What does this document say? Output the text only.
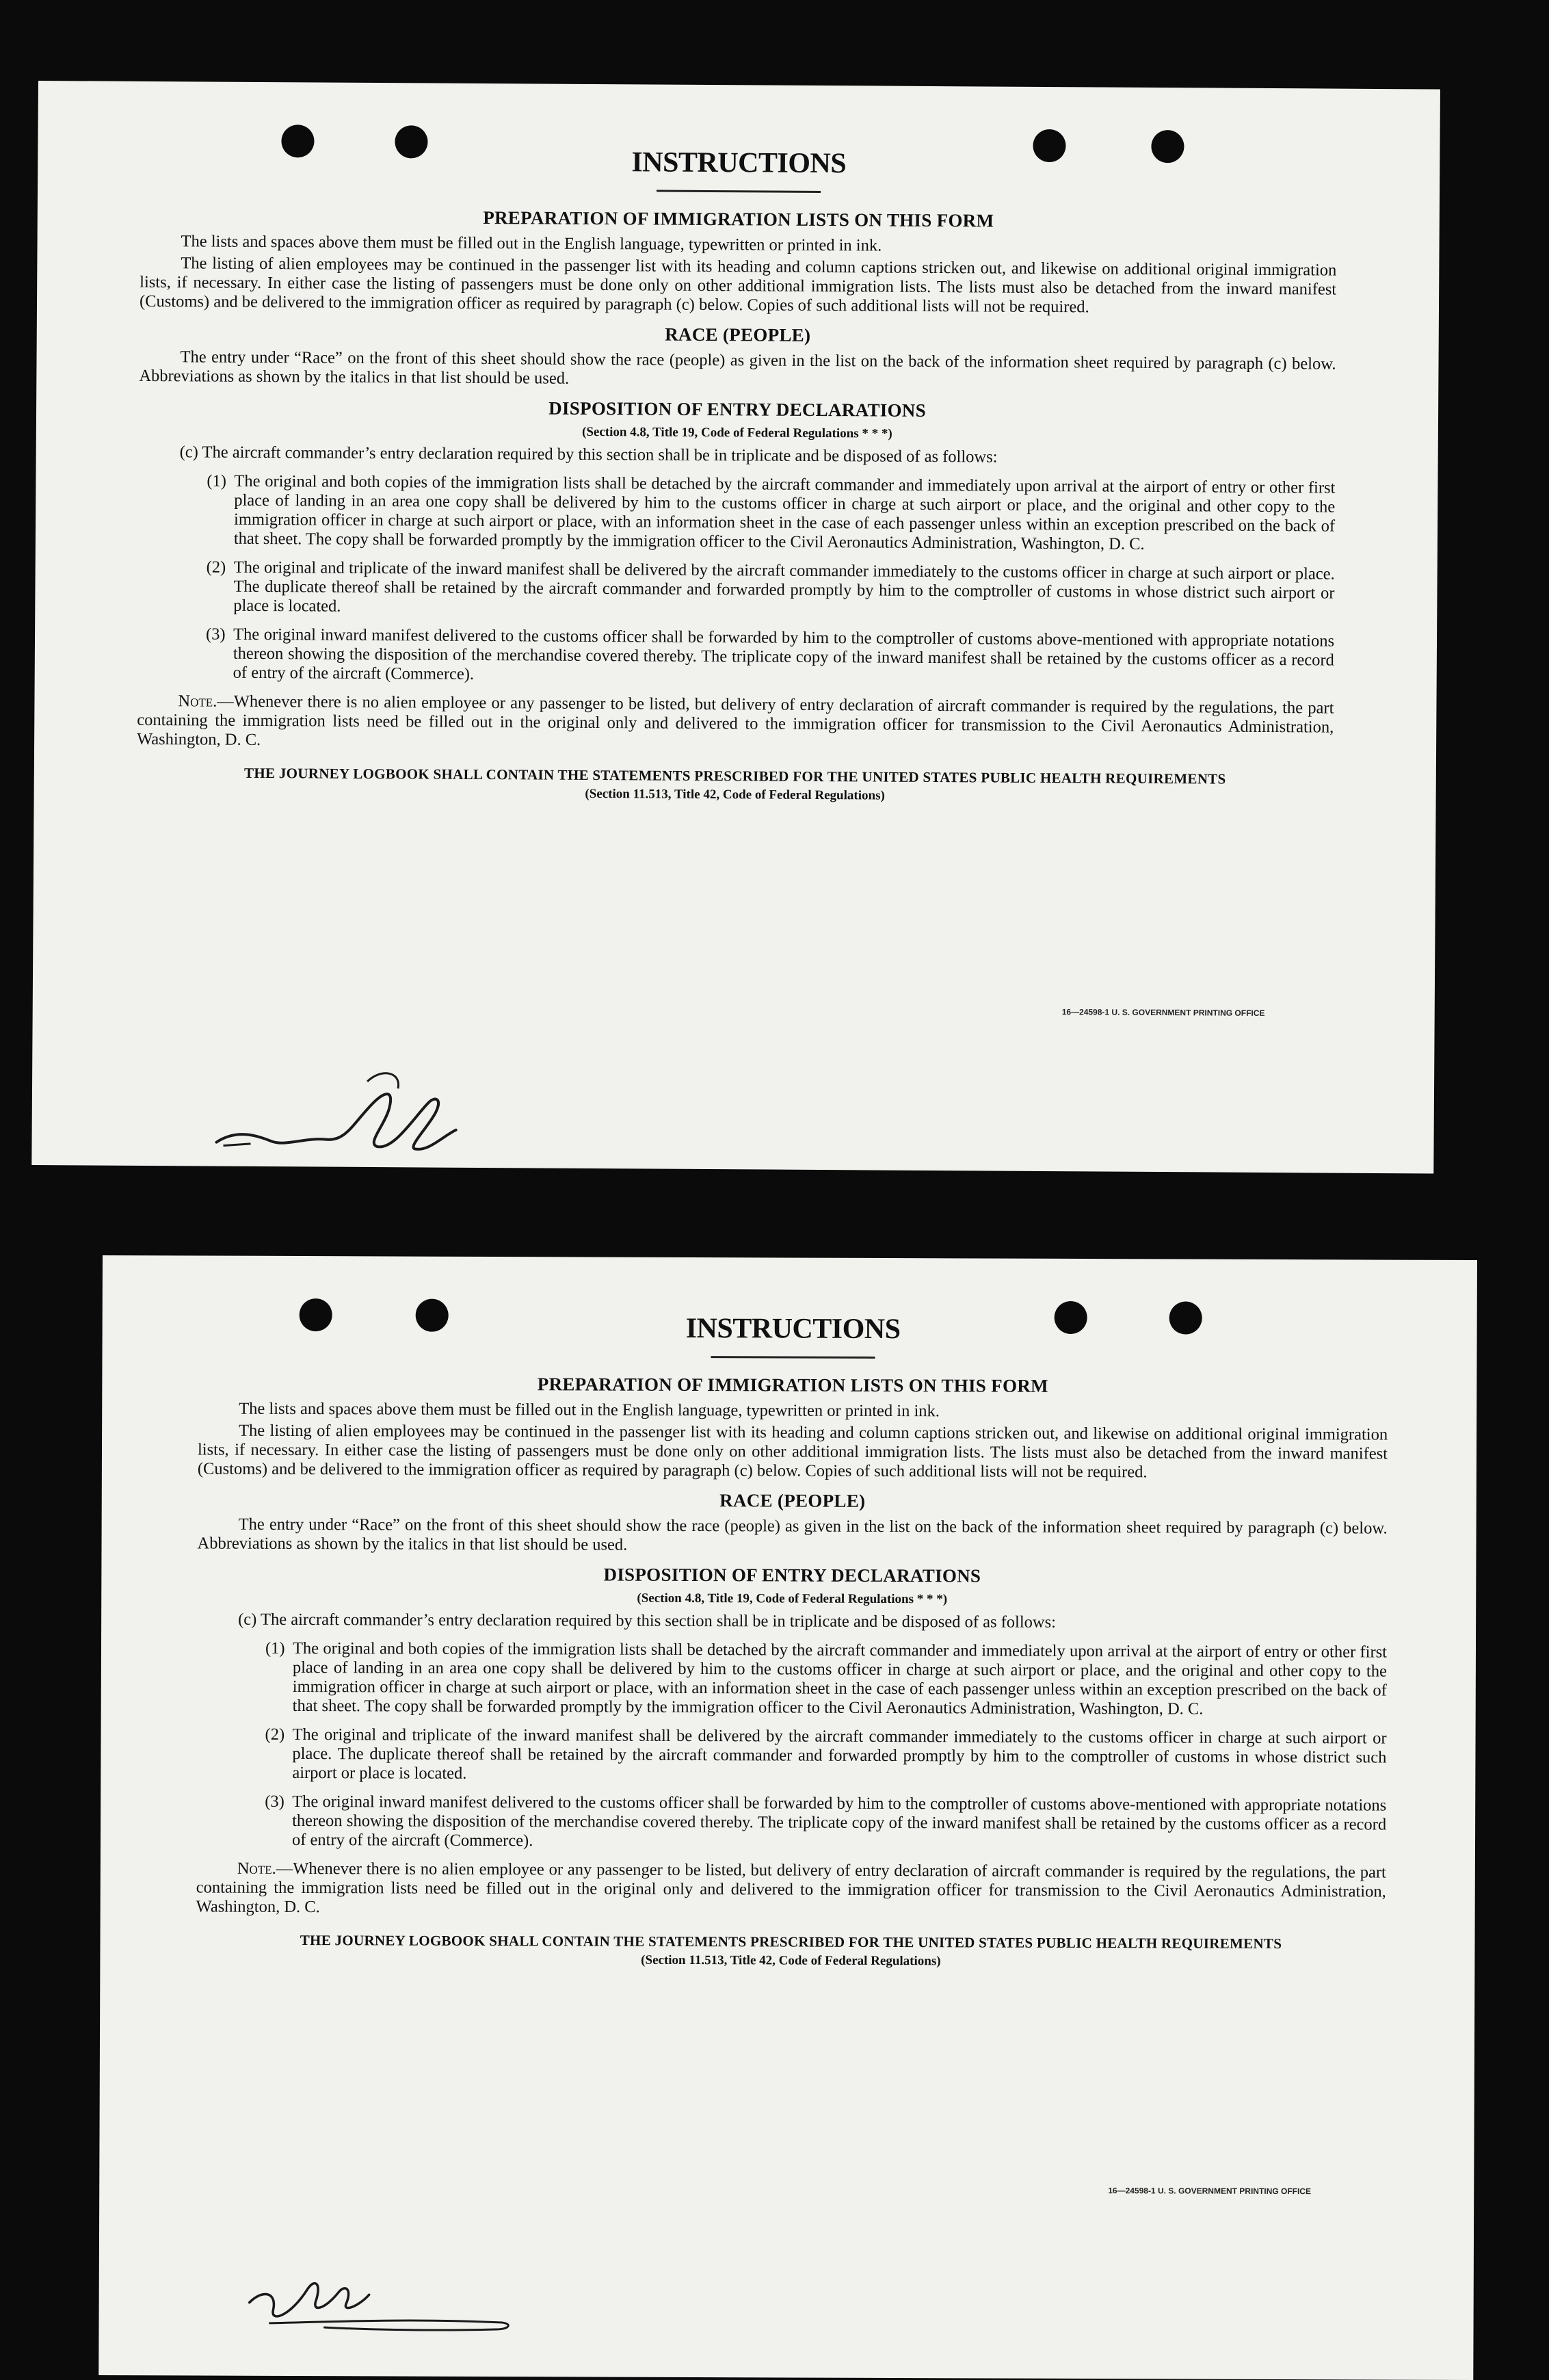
INSTRUCTIONS
PREPARATION OF IMMIGRATION LISTS ON THIS FORM

The lists and spaces above them must be filled out in the English language, typewritten or printed in ink.

The listing of alien employees may be continued in the passenger list with its heading and column captions stricken out, and likewise on additional original immigration lists, if necessary. In either case the listing of passengers must be done only on other additional immigration lists. The lists must also be detached from the inward manifest (Customs) and be delivered to the immigration officer as required by paragraph (c) below. Copies of such additional lists will not be required.

RACE (PEOPLE)

The entry under “Race” on the front of this sheet should show the race (people) as given in the list on the back of the information sheet required by paragraph (c) below. Abbreviations as shown by the italics in that list should be used.

DISPOSITION OF ENTRY DECLARATIONS
(Section 4.8, Title 19, Code of Federal Regulations * * *)

(c) The aircraft commander’s entry declaration required by this section shall be in triplicate and be disposed of as follows:

(1) The original and both copies of the immigration lists shall be detached by the aircraft commander and immediately upon arrival at the airport of entry or other first place of landing in an area one copy shall be delivered by him to the customs officer in charge at such airport or place, and the original and other copy to the immigration officer in charge at such airport or place, with an information sheet in the case of each passenger unless within an exception prescribed on the back of that sheet. The copy shall be forwarded promptly by the immigration officer to the Civil Aeronautics Administration, Washington, D. C.
(2) The original and triplicate of the inward manifest shall be delivered by the aircraft commander immediately to the customs officer in charge at such airport or place. The duplicate thereof shall be retained by the aircraft commander and forwarded promptly by him to the comptroller of customs in whose district such airport or place is located.
(3) The original inward manifest delivered to the customs officer shall be forwarded by him to the comptroller of customs above-mentioned with appropriate notations thereon showing the disposition of the merchandise covered thereby. The triplicate copy of the inward manifest shall be retained by the customs officer as a record of entry of the aircraft (Commerce).

Note.—Whenever there is no alien employee or any passenger to be listed, but delivery of entry declaration of aircraft commander is required by the regulations, the part containing the immigration lists need be filled out in the original only and delivered to the immigration officer for transmission to the Civil Aeronautics Administration, Washington, D. C.

THE JOURNEY LOGBOOK SHALL CONTAIN THE STATEMENTS PRESCRIBED FOR THE UNITED STATES PUBLIC HEALTH REQUIREMENTS
(Section 11.513, Title 42, Code of Federal Regulations)
16—24598-1 U. S. GOVERNMENT PRINTING OFFICE
INSTRUCTIONS
PREPARATION OF IMMIGRATION LISTS ON THIS FORM

The lists and spaces above them must be filled out in the English language, typewritten or printed in ink.

The listing of alien employees may be continued in the passenger list with its heading and column captions stricken out, and likewise on additional original immigration lists, if necessary. In either case the listing of passengers must be done only on other additional immigration lists. The lists must also be detached from the inward manifest (Customs) and be delivered to the immigration officer as required by paragraph (c) below. Copies of such additional lists will not be required.

RACE (PEOPLE)

The entry under “Race” on the front of this sheet should show the race (people) as given in the list on the back of the information sheet required by paragraph (c) below. Abbreviations as shown by the italics in that list should be used.

DISPOSITION OF ENTRY DECLARATIONS
(Section 4.8, Title 19, Code of Federal Regulations * * *)

(c) The aircraft commander’s entry declaration required by this section shall be in triplicate and be disposed of as follows:

(1) The original and both copies of the immigration lists shall be detached by the aircraft commander and immediately upon arrival at the airport of entry or other first place of landing in an area one copy shall be delivered by him to the customs officer in charge at such airport or place, and the original and other copy to the immigration officer in charge at such airport or place, with an information sheet in the case of each passenger unless within an exception prescribed on the back of that sheet. The copy shall be forwarded promptly by the immigration officer to the Civil Aeronautics Administration, Washington, D. C.
(2) The original and triplicate of the inward manifest shall be delivered by the aircraft commander immediately to the customs officer in charge at such airport or place. The duplicate thereof shall be retained by the aircraft commander and forwarded promptly by him to the comptroller of customs in whose district such airport or place is located.
(3) The original inward manifest delivered to the customs officer shall be forwarded by him to the comptroller of customs above-mentioned with appropriate notations thereon showing the disposition of the merchandise covered thereby. The triplicate copy of the inward manifest shall be retained by the customs officer as a record of entry of the aircraft (Commerce).

Note.—Whenever there is no alien employee or any passenger to be listed, but delivery of entry declaration of aircraft commander is required by the regulations, the part containing the immigration lists need be filled out in the original only and delivered to the immigration officer for transmission to the Civil Aeronautics Administration, Washington, D. C.

THE JOURNEY LOGBOOK SHALL CONTAIN THE STATEMENTS PRESCRIBED FOR THE UNITED STATES PUBLIC HEALTH REQUIREMENTS
(Section 11.513, Title 42, Code of Federal Regulations)
16—24598-1 U. S. GOVERNMENT PRINTING OFFICE
